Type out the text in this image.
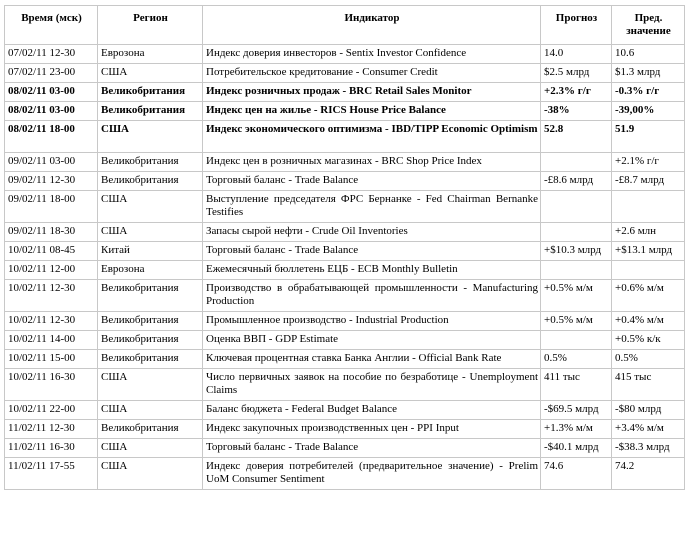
Время (мск)	Регион	Индикатор	Прогноз	Пред. значение
07/02/11 12-30	Еврозона	Индекс доверия инвесторов - Sentix Investor Confidence	14.0	10.6
07/02/11 23-00	США	Потребительское кредитование - Consumer Credit	$2.5 млрд	$1.3 млрд
08/02/11 03-00	Великобритания	Индекс розничных продаж - BRC Retail Sales Monitor	+2.3% г/г	-0.3% г/г
08/02/11 03-00	Великобритания	Индекс цен на жилье - RICS House Price Balance	-38%	-39,00%
08/02/11 18-00	США	Индекс экономического оптимизма - IBD/TIPP Economic Optimism	52.8	51.9
09/02/11 03-00	Великобритания	Индекс цен в розничных магазинах - BRC Shop Price Index		+2.1% г/г
09/02/11 12-30	Великобритания	Торговый баланс - Trade Balance	-£8.6 млрд	-£8.7 млрд
09/02/11 18-00	США	Выступление председателя ФРС Бернанке - Fed Chairman Bernanke Testifies		
09/02/11 18-30	США	Запасы сырой нефти - Crude Oil Inventories		+2.6 млн
10/02/11 08-45	Китай	Торговый баланс - Trade Balance	+$10.3 млрд	+$13.1 млрд
10/02/11 12-00	Еврозона	Ежемесячный бюллетень ЕЦБ - ECB Monthly Bulletin		
10/02/11 12-30	Великобритания	Производство в обрабатывающей промышленности - Manufacturing Production	+0.5% м/м	+0.6% м/м
10/02/11 12-30	Великобритания	Промышленное производство - Industrial Production	+0.5% м/м	+0.4% м/м
10/02/11 14-00	Великобритания	Оценка ВВП - GDP Estimate		+0.5% к/к
10/02/11 15-00	Великобритания	Ключевая процентная ставка Банка Англии - Official Bank Rate	0.5%	0.5%
10/02/11 16-30	США	Число первичных заявок на пособие по безработице - Unemployment Claims	411 тыс	415 тыс
10/02/11 22-00	США	Баланс бюджета - Federal Budget Balance	-$69.5 млрд	-$80 млрд
11/02/11 12-30	Великобритания	Индекс закупочных производственных цен - PPI Input	+1.3% м/м	+3.4% м/м
11/02/11 16-30	США	Торговый баланс - Trade Balance	-$40.1 млрд	-$38.3 млрд
11/02/11 17-55	США	Индекс доверия потребителей (предварительное значение) - Prelim UoM Consumer Sentiment	74.6	74.2
